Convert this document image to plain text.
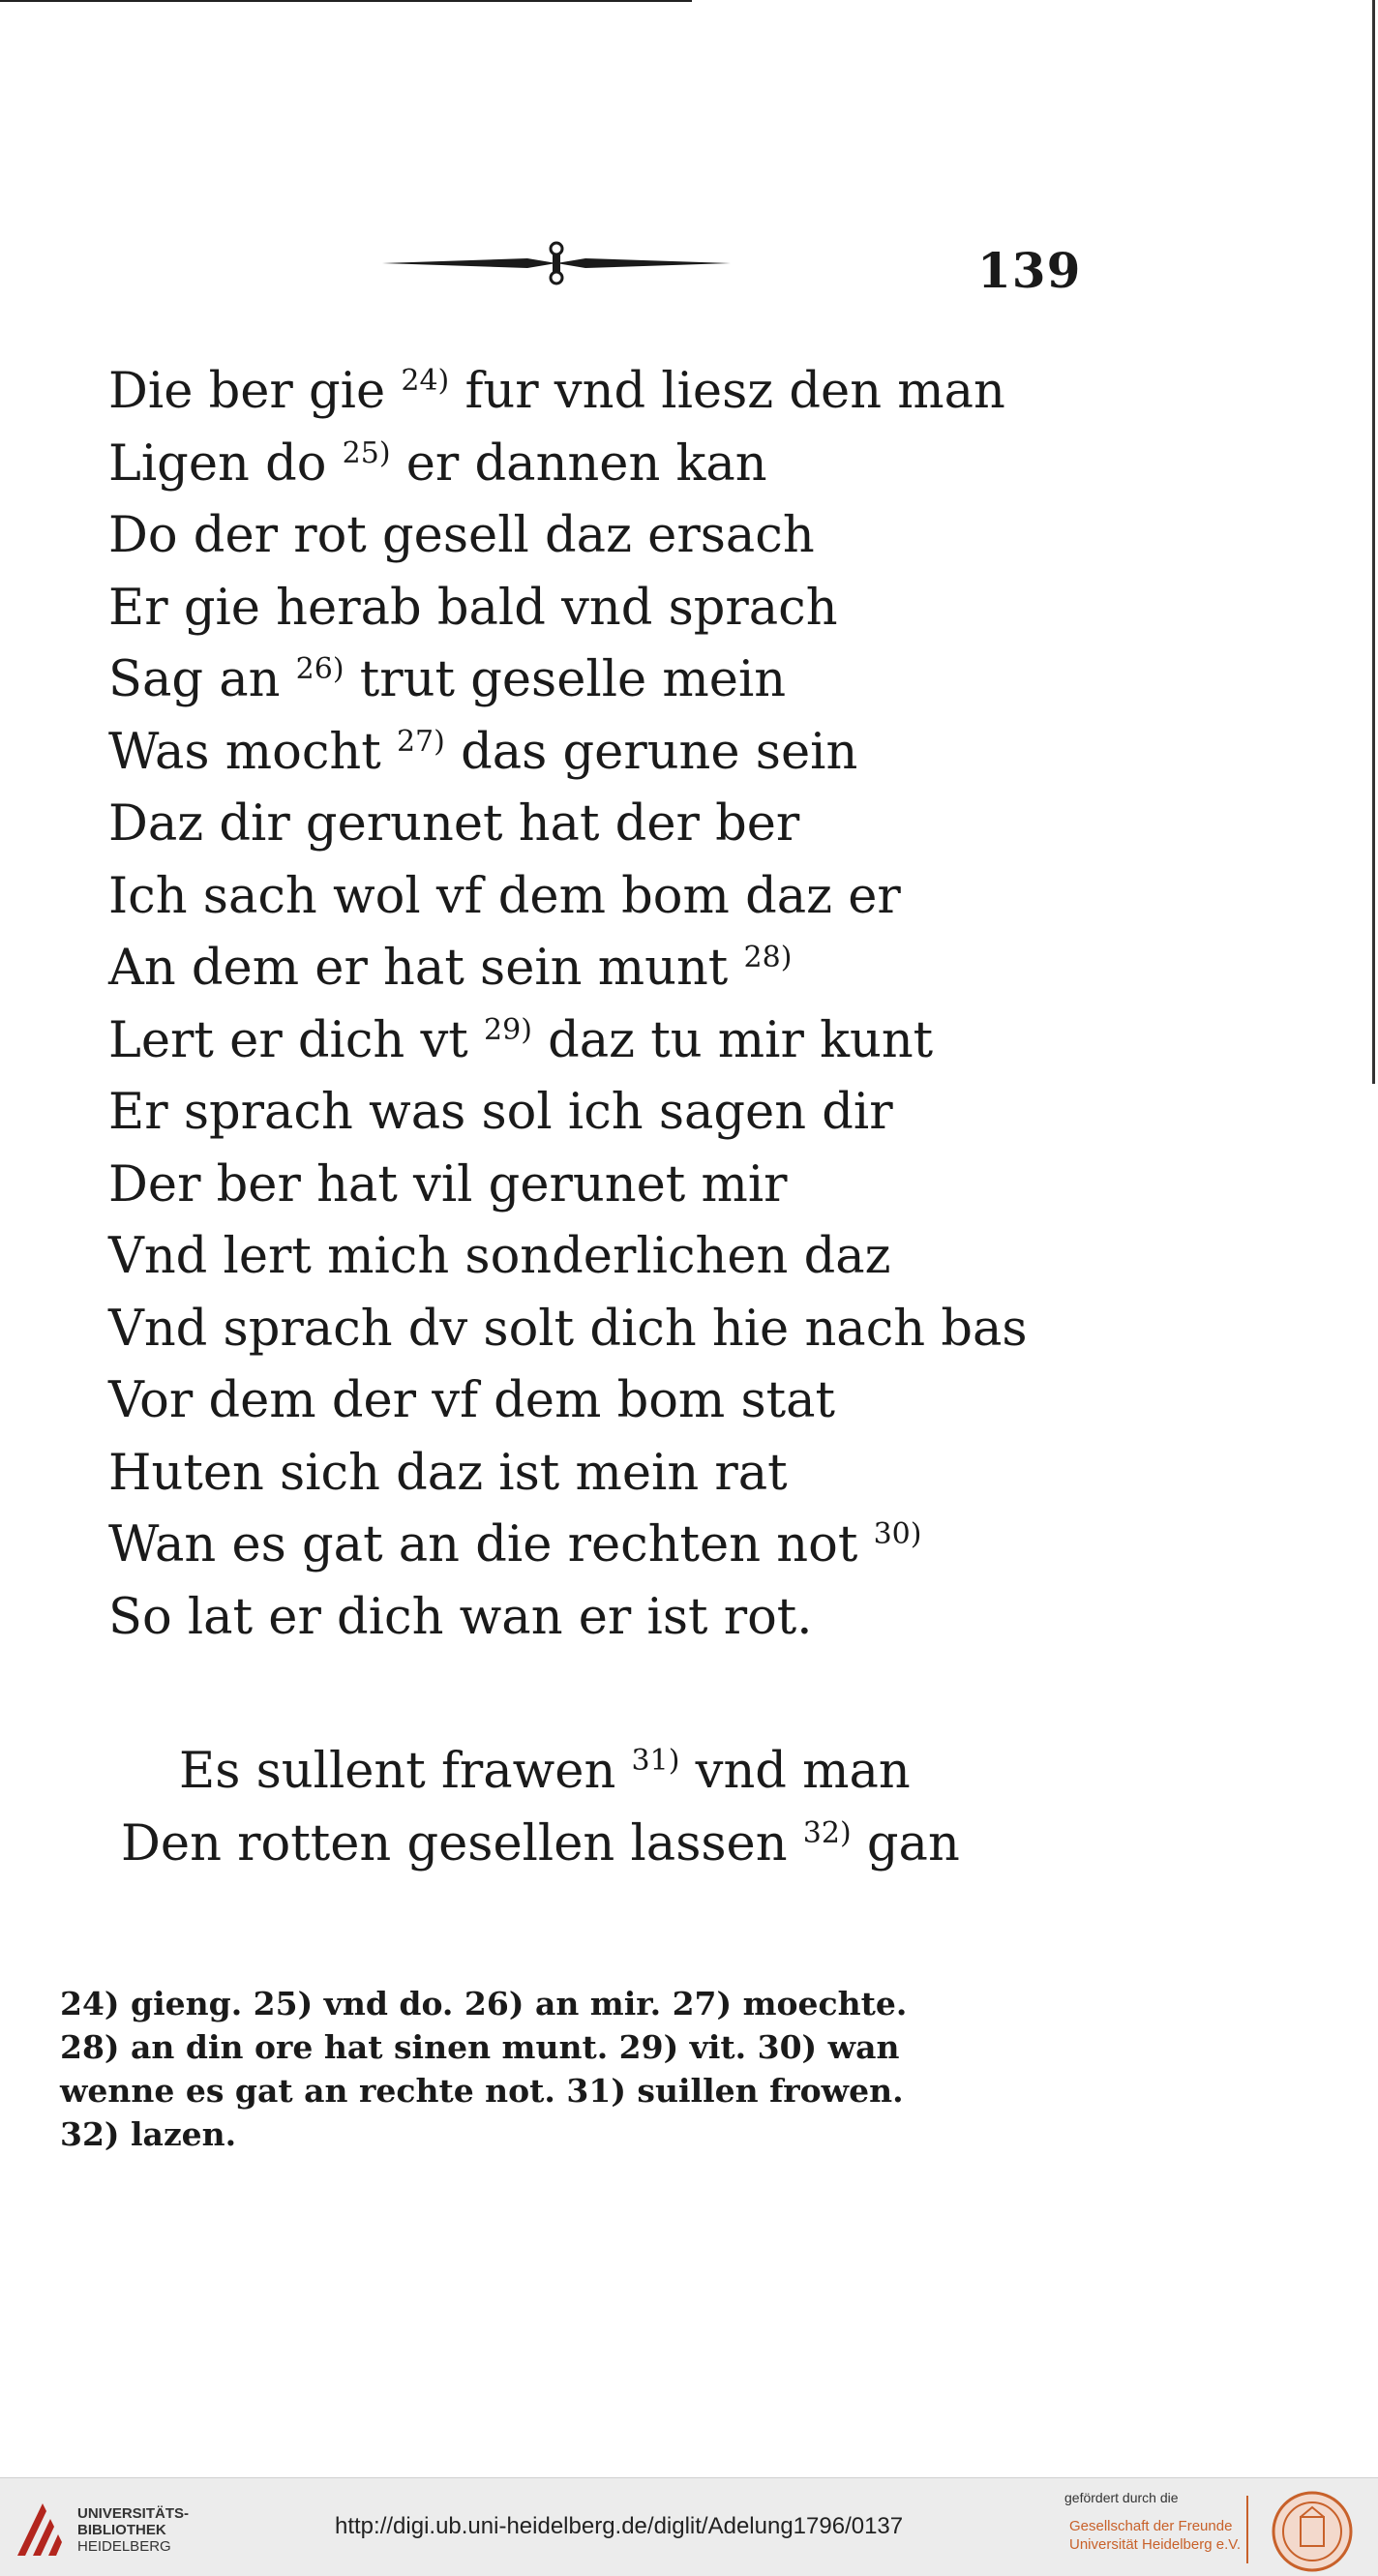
139
Die ber gie $^{24)}$ fur vnd liesz den man
Ligen do $^{25)}$ er dannen kan
Do der rot gesell daz ersach
Er gie herab bald vnd sprach
Sag an $^{26)}$ trut geselle mein
Was mocht $^{27)}$ das gerune sein
Daz dir gerunet hat der ber
Ich sach wol vf dem bom daz er
An dem er hat sein munt $^{28)}$
Lert er dich vt $^{29)}$ daz tu mir kunt
Er sprach was sol ich sagen dir
Der ber hat vil gerunet mir
Vnd lert mich sonderlichen daz
Vnd sprach dv solt dich hie nach bas
Vor dem der vf dem bom stat
Huten sich daz ist mein rat
Wan es gat an die rechten not $^{30)}$
So lat er dich wan er ist rot.
Es sullent frawen $^{31)}$ vnd man
Den rotten gesellen lassen $^{32)}$ gan
24) gieng. 25) vnd do. 26) an mir. 27) moechte.
28) an din ore hat sinen munt. 29) vit. 30) wan
wenne es gat an rechte not. 31) suillen frowen.
32) lazen.
UNIVERSITÄTS-
BIBLIOTHEK
HEIDELBERG
http://digi.ub.uni-heidelberg.de/diglit/Adelung1796/0137
gefördert durch die
Gesellschaft der Freunde
Universität Heidelberg e.V.
